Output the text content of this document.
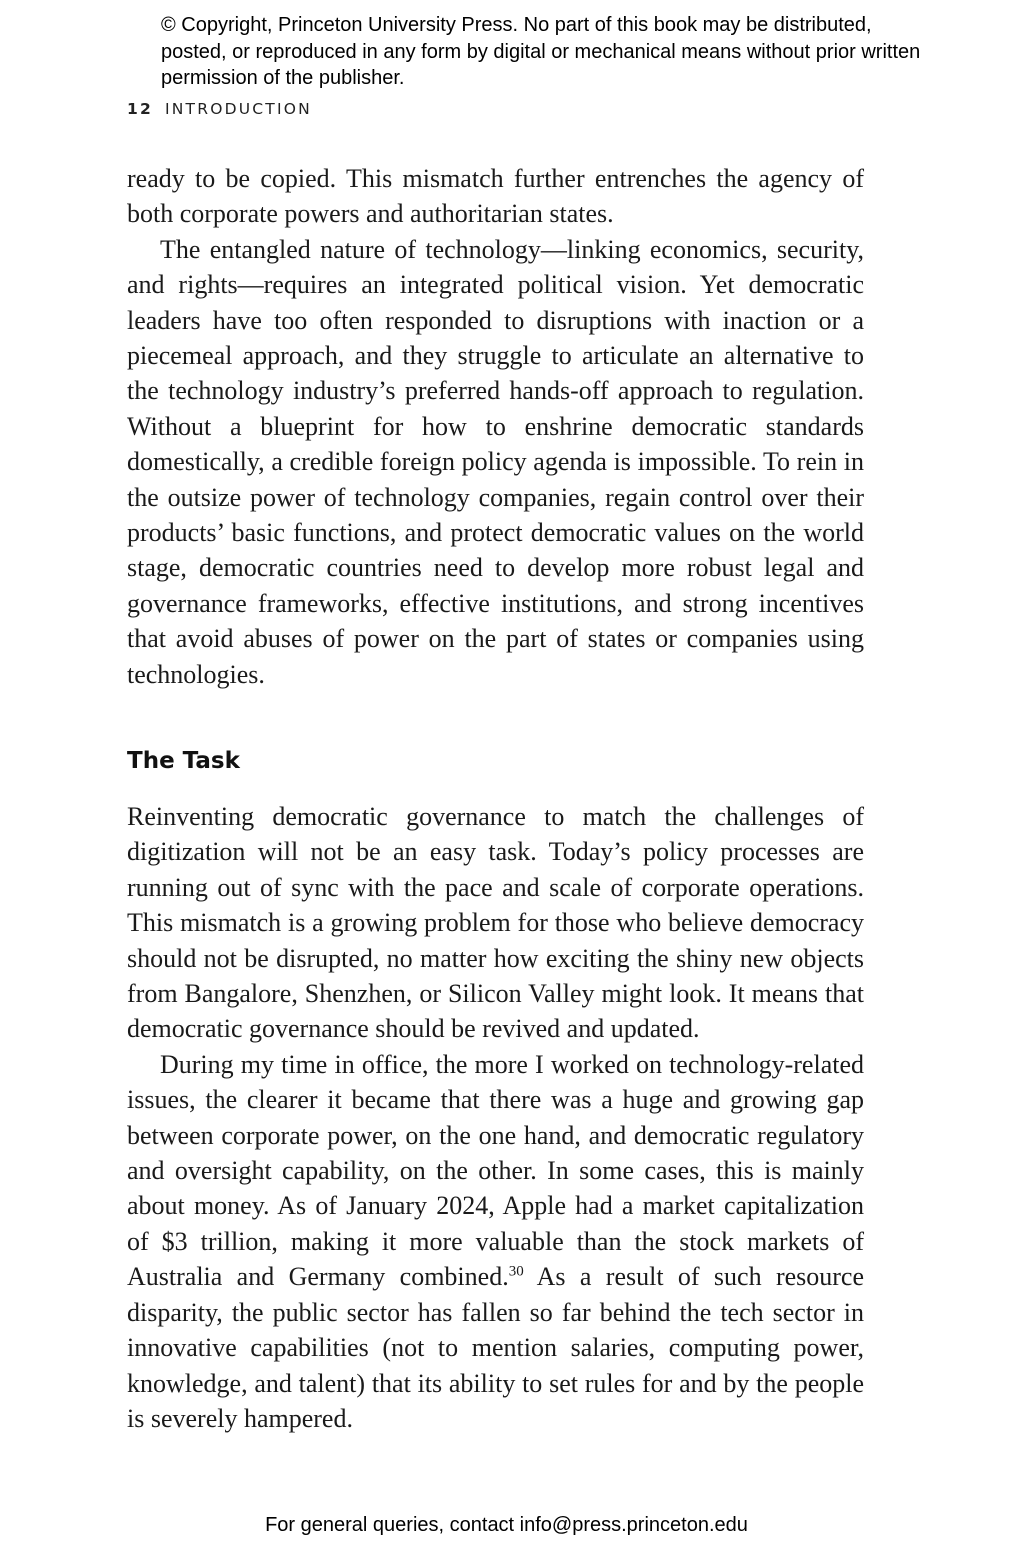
© Copyright, Princeton University Press. No part of this book may be distributed, posted, or reproduced in any form by digital or mechanical means without prior written permission of the publisher.

12 INTRODUCTION

ready to be copied. This mismatch further entrenches the agency of both corporate powers and authoritarian states.

The entangled nature of technology—linking economics, security, and rights—requires an integrated political vision. Yet democratic leaders have too often responded to disruptions with inaction or a piecemeal approach, and they struggle to articulate an alternative to the technology industry’s preferred hands-off approach to regulation. Without a blueprint for how to enshrine democratic standards domestically, a credible foreign policy agenda is impossible. To rein in the outsize power of technology companies, regain control over their products’ basic functions, and protect democratic values on the world stage, democratic countries need to develop more robust legal and governance frameworks, effective institutions, and strong incentives that avoid abuses of power on the part of states or companies using technologies.

The Task

Reinventing democratic governance to match the challenges of digitization will not be an easy task. Today’s policy processes are running out of sync with the pace and scale of corporate operations. This mismatch is a growing problem for those who believe democracy should not be disrupted, no matter how exciting the shiny new objects from Bangalore, Shenzhen, or Silicon Valley might look. It means that democratic governance should be revived and updated.

During my time in office, the more I worked on technology-related issues, the clearer it became that there was a huge and growing gap between corporate power, on the one hand, and democratic regulatory and oversight capability, on the other. In some cases, this is mainly about money. As of January 2024, Apple had a market capitalization of $3 trillion, making it more valuable than the stock markets of Australia and Germany combined.$^{30}$ As a result of such resource disparity, the public sector has fallen so far behind the tech sector in innovative capabilities (not to mention salaries, computing power, knowledge, and talent) that its ability to set rules for and by the people is severely hampered.

For general queries, contact info@press.princeton.edu
